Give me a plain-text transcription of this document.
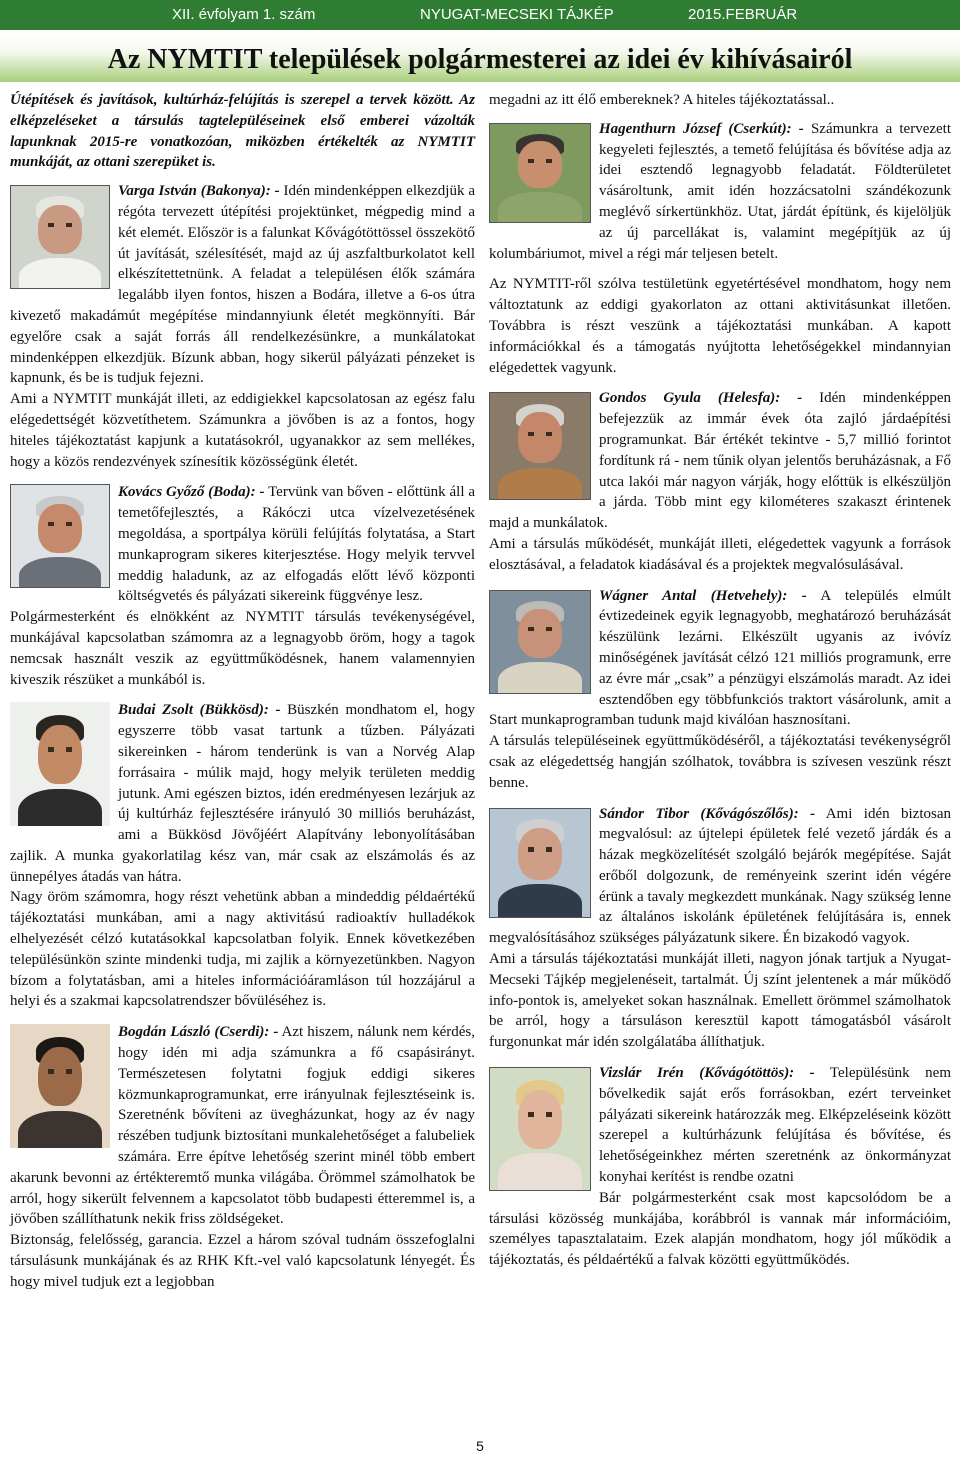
XII. évfolyam 1. szám	NYUGAT-MECSEKI TÁJKÉP	2015.FEBRUÁR
Az NYMTIT települések polgármesterei az idei év kihívásairól

Útépítések és javítások, kultúrház-felújítás is szerepel a tervek között. Az elképzeléseket a társulás tagtelepüléseinek első emberei vázolták lapunknak 2015-re vonatkozóan, miközben értékelték az NYMTIT munkáját, az ottani szerepüket is.

Varga István (Bakonya): - Idén mindenképpen elkezdjük a régóta tervezett útépítési projektünket, mégpedig mind a két elemét. Először is a falunkat Kővágótöttössel összekötő út javítását, szélesítését, majd az új aszfaltburkolatot kell elkészítettetnünk. A feladat a településen élők számára legalább ilyen fontos, hiszen a Bodára, illetve a 6-os útra kivezető makadámút megépítése mindannyiunk életét megkönnyíti. Bár egyelőre csak a saját forrás áll rendelkezésünkre, a munkálatokat mindenképpen elkezdjük. Bízunk abban, hogy sikerül pályázati pénzeket is kapnunk, és be is tudjuk fejezni.

Ami a NYMTIT munkáját illeti, az eddigiekkel kapcsolatosan az egész falu elégedettségét közvetíthetem. Számunkra a jövőben is az a fontos, hogy hiteles tájékoztatást kapjunk a kutatásokról, ugyanakkor az sem mellékes, hogy a közös rendezvények színesítik közösségünk életét.

Kovács Győző (Boda): - Tervünk van bőven - előttünk áll a temetőfejlesztés, a Rákóczi utca vízelvezetésének megoldása, a sportpálya körüli felújítás folytatása, a Start munkaprogram sikeres kiterjesztése. Hogy melyik tervvel meddig haladunk, az az elfogadás előtt lévő központi költségvetés és pályázati sikereink függvénye lesz.

Polgármesterként és elnökként az NYMTIT társulás tevékenységével, munkájával kapcsolatban számomra az a legnagyobb öröm, hogy a tagok nemcsak használt veszik az együttműködésnek, hanem valamennyien kiveszik részüket a munkából is.

Budai Zsolt (Bükkösd): - Büszkén mondhatom el, hogy egyszerre több vasat tartunk a tűzben. Pályázati sikereinken - három tenderünk is van a Norvég Alap forrásaira - múlik majd, hogy melyik területen meddig jutunk. Ami egészen biztos, idén eredményesen lezárjuk az új kultúrház fejlesztésére irányuló 30 milliós beruházást, ami a Bükkösd Jövőjéért Alapítvány lebonyolításában zajlik. A munka gyakorlatilag kész van, már csak az elszámolás és az ünnepélyes átadás van hátra.

Nagy öröm számomra, hogy részt vehetünk abban a mindeddig példaértékű tájékoztatási munkában, ami a nagy aktivitású radioaktív hulladékok elhelyezését célzó kutatásokkal kapcsolatban folyik. Ennek következében településünkön szinte mindenki tudja, mi zajlik a környezetünkben. Nagyon bízom a folytatásban, ami a hiteles információáramláson túl hozzájárul a helyi és a szakmai kapcsolatrendszer bővüléséhez is.

Bogdán László (Cserdi): - Azt hiszem, nálunk nem kérdés, hogy idén mi adja számunkra a fő csapásirányt. Természetesen folytatni fogjuk eddigi sikeres közmunkaprogramunkat, erre irányulnak fejlesztéseink is. Szeretnénk bővíteni az üvegházunkat, hogy az év nagy részében tudjunk biztosítani munkalehetőséget a falubeliek számára. Erre építve lehetőség szerint minél több embert akarunk bevonni az értékteremtő munka világába. Örömmel számolhatok be arról, hogy sikerült felvennem a kapcsolatot több budapesti étteremmel is, a jövőben szállíthatunk nekik friss zöldségeket.

Biztonság, felelősség, garancia. Ezzel a három szóval tudnám összefoglalni társulásunk munkájának és az RHK Kft.-vel való kapcsolatunk lényegét. És hogy mivel tudjuk ezt a legjobban

megadni az itt élő embereknek? A hiteles tájékoztatással..

Hagenthurn József (Cserkút): - Számunkra a tervezett kegyeleti fejlesztés, a temető felújítása és bővítése adja az idei esztendő legnagyobb feladatát. Földterületet vásároltunk, amit idén hozzácsatolni szándékozunk meglévő sírkertünkhöz. Utat, járdát építünk, és kijelöljük az új parcellákat is, valamint megépítjük az új kolumbáriumot, mivel a régi már teljesen betelt.

Az NYMTIT-ről szólva testületünk egyetértésével mondhatom, hogy nem változtatunk az eddigi gyakorlaton az ottani aktivitásunkat illetően. Továbbra is részt veszünk a tájékoztatási munkában. A kapott információkkal és a támogatás nyújtotta lehetőségekkel mindannyian elégedettek vagyunk.

Gondos Gyula (Helesfa): - Idén mindenképpen befejezzük az immár évek óta zajló járdaépítési programunkat. Bár értékét tekintve - 5,7 millió forintot fordítunk rá - nem tűnik olyan jelentős beruházásnak, a Fő utca lakói már nagyon várják, hogy előttük is elkészüljön a járda. Több mint egy kilométeres szakaszt érintenek majd a munkálatok.

Ami a társulás működését, munkáját illeti, elégedettek vagyunk a források elosztásával, a feladatok kiadásával és a projektek megvalósulásával.

Wágner Antal (Hetvehely): - A település elmúlt évtizedeinek egyik legnagyobb, meghatározó beruházását készülünk lezárni. Elkészült ugyanis az ivóvíz minőségének javítását célzó 121 milliós programunk, erre az évre már „csak” a pénzügyi elszámolás maradt. Az idei esztendőben egy többfunkciós traktort vásárolunk, amit a Start munkaprogramban tudunk majd kiválóan hasznosítani.

A társulás településeinek együttműködéséről, a tájékoztatási tevékenységről csak az elégedettség hangján szólhatok, továbbra is szívesen veszünk részt benne.

Sándor Tibor (Kővágószőlős): - Ami idén biztosan megvalósul: az újtelepi épületek felé vezető járdák és a házak megközelítését szolgáló bejárók megépítése. Saját erőből dolgozunk, de reményeink szerint idén végére érünk a tavaly megkezdett munkának. Nagy szükség lenne az általános iskolánk épületének felújítására is, ennek megvalósításához szükséges pályázatunk sikere. Én bizakodó vagyok.

Ami a társulás tájékoztatási munkáját illeti, nagyon jónak tartjuk a Nyugat-Mecseki Tájkép megjelenéseit, tartalmát. Új színt jelentenek a már működő info-pontok is, amelyeket sokan használnak. Emellett örömmel számolhatok be arról, hogy a társuláson keresztül kapott támogatásból vásárolt furgonunkat már idén szolgálatába állíthatjuk.

Vizslár Irén (Kővágótöttös): - Településünk nem bővelkedik saját erős forrásokban, ezért terveinket pályázati sikereink határozzák meg. Elképzeléseink között szerepel a kultúrházunk felújítása és bővítése, és lehetőségeinkhez mérten szeretnénk az önkormányzat konyhai kerítést is rendbe ozatni

Bár polgármesterként csak most kapcsolódom be a társulási közösség munkájába, korábbról is vannak már információim, személyes tapasztalataim. Ezek alapján mondhatom, hogy jól működik a tájékoztatás, és példaértékű a falvak közötti együttműködés.

5
